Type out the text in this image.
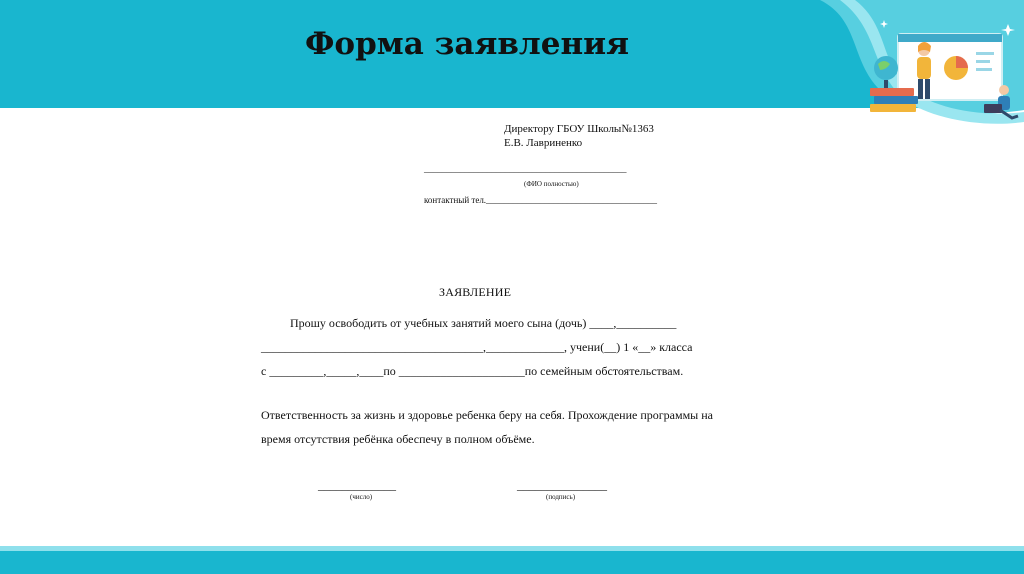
Форма заявления

Директору ГБОУ Школы№1363

Е.В. Лавриненко

_____________________________________________

(ФИО полностью)

контактный тел.______________________________________

ЗАЯВЛЕНИЕ

Прошу освободить от учебных занятий моего сына (дочь) ____,__________

_____________________________________,_____________, учени(__) 1 «__» класса

с _________,_____,____по _____________________по семейным обстоятельствам.

Ответственность за жизнь и здоровье ребенка беру на себя. Прохождение программы на

время отсутствия ребёнка обеспечу в полном объёме.

_____________

(число)

_______________

(подпись)
